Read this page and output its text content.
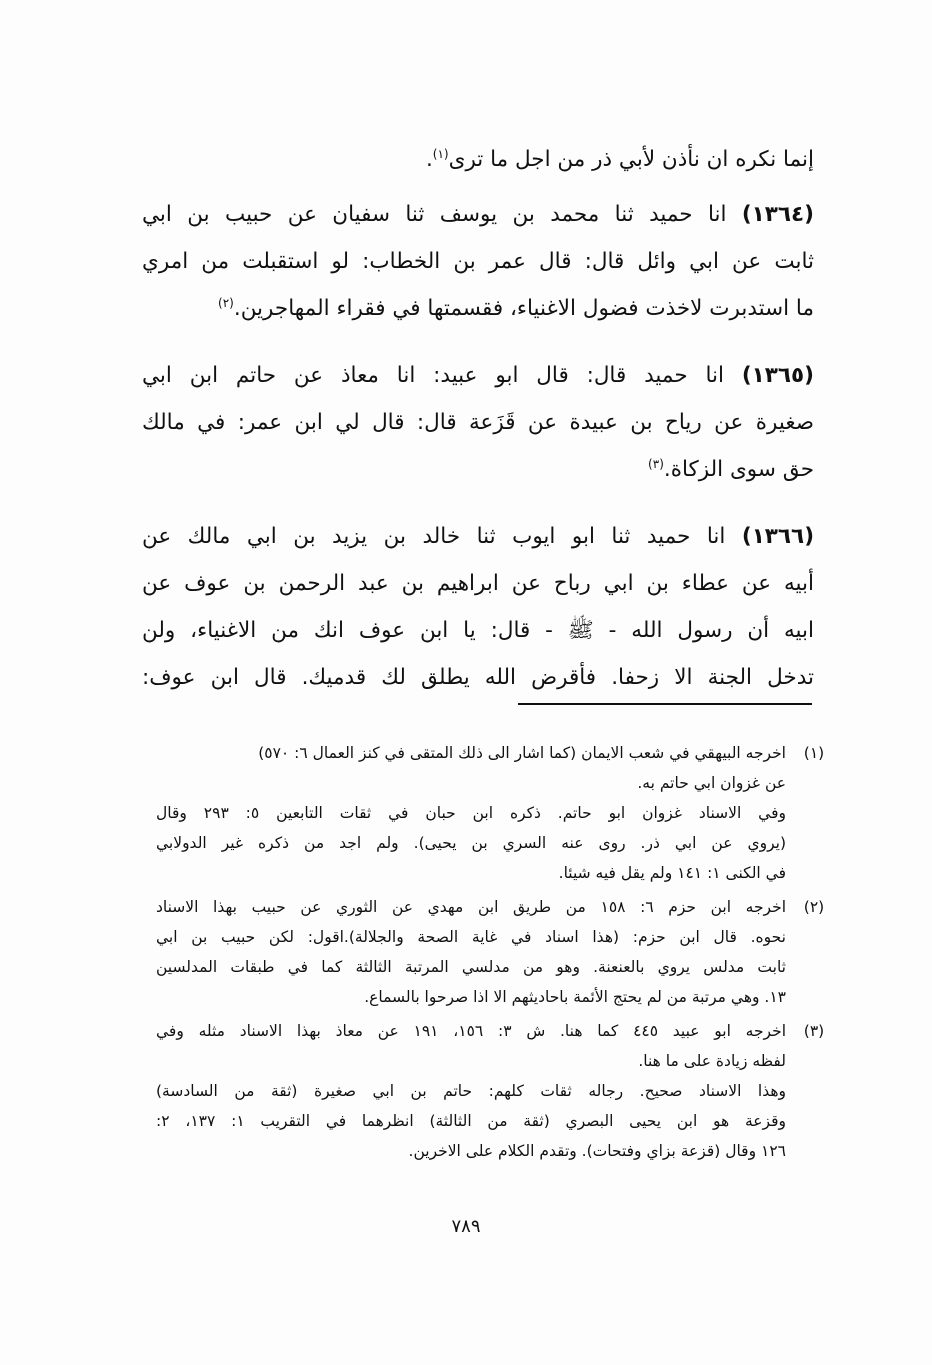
إنما نكره ان نأذن لأبي ذر من اجل ما ترى$^{(١)}$.
(١٣٦٤) انا حميد ثنا محمد بن يوسف ثنا سفيان عن حبيب بن ابي
ثابت عن ابي وائل قال: قال عمر بن الخطاب: لو استقبلت من امري
ما استدبرت لاخذت فضول الاغنياء، فقسمتها في فقراء المهاجرين.$^{(٢)}$
(١٣٦٥) انا حميد قال: قال ابو عبيد: انا معاذ عن حاتم ابن ابي
صغيرة عن رياح بن عبيدة عن قَزَعة قال: قال لي ابن عمر: في مالك
حق سوى الزكاة.$^{(٣)}$
(١٣٦٦) انا حميد ثنا ابو ايوب ثنا خالد بن يزيد بن ابي مالك عن
أبيه عن عطاء بن ابي رباح عن ابراهيم بن عبد الرحمن بن عوف عن
ابيه أن رسول الله - ﷺ - قال: يا ابن عوف انك من الاغنياء، ولن
تدخل الجنة الا زحفا. فأقرض الله يطلق لك قدميك. قال ابن عوف:
(١)
اخرجه البيهقي في شعب الايمان (كما اشار الى ذلك المتقى في كنز العمال ٦: ٥٧٠)
عن غزوان ابي حاتم به.
وفي الاسناد غزوان ابو حاتم. ذكره ابن حبان في ثقات التابعين ٥: ٢٩٣ وقال
(يروي عن ابي ذر. روى عنه السري بن يحيى). ولم اجد من ذكره غير الدولابي
في الكنى ١: ١٤١ ولم يقل فيه شيئا.
(٢)
اخرجه ابن حزم ٦: ١٥٨ من طريق ابن مهدي عن الثوري عن حبيب بهذا الاسناد
نحوه. قال ابن حزم: (هذا اسناد في غاية الصحة والجلالة).اقول: لكن حبيب بن ابي
ثابت مدلس يروي بالعنعنة. وهو من مدلسي المرتبة الثالثة كما في طبقات المدلسين
١٣. وهي مرتبة من لم يحتج الأئمة باحاديثهم الا اذا صرحوا بالسماع.
(٣)
اخرجه ابو عبيد ٤٤٥ كما هنا. ش ٣: ١٥٦، ١٩١ عن معاذ بهذا الاسناد مثله وفي
لفظه زيادة على ما هنا.
وهذا الاسناد صحيح. رجاله ثقات كلهم: حاتم بن ابي صغيرة (ثقة من السادسة)
وقزعة هو ابن يحيى البصري (ثقة من الثالثة) انظرهما في التقريب ١: ١٣٧، ٢:
١٢٦ وقال (قزعة بزاي وفتحات). وتقدم الكلام على الاخرين.
٧٨٩
